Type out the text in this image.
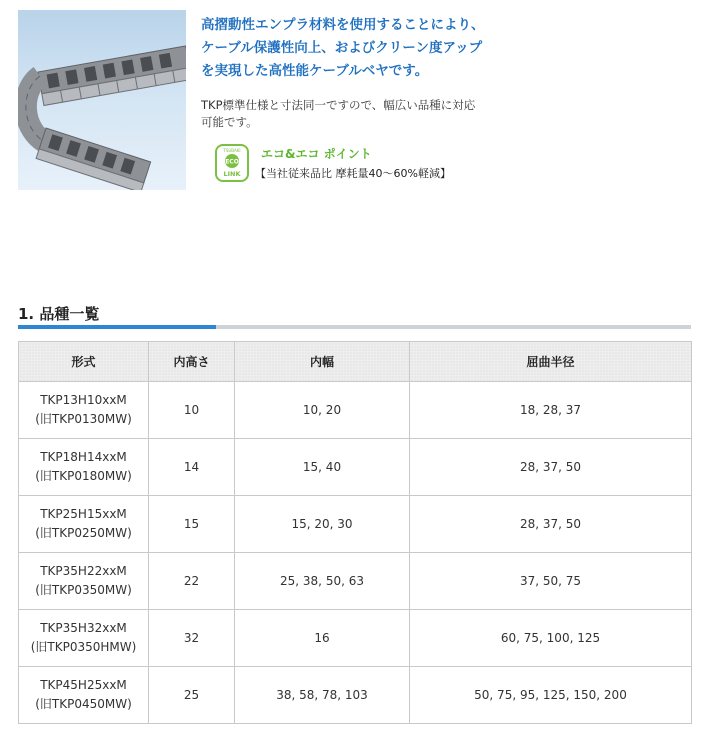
高摺動性エンプラ材料を使用することにより、
ケーブル保護性向上、およびクリーン度アップ
を実現した高性能ケーブルベヤです。

TKP標準仕様と寸法同一ですので、幅広い品種に対応
可能です。

TSUBAKI
ECO
LINK
エコ&エコ ポイント
【当社従来品比 摩耗量40〜60%軽減】
1. 品種一覧
形式	内高さ	内幅	屈曲半径
TKP13H10xxM
(旧TKP0130MW)	10	10, 20	18, 28, 37
TKP18H14xxM
(旧TKP0180MW)	14	15, 40	28, 37, 50
TKP25H15xxM
(旧TKP0250MW)	15	15, 20, 30	28, 37, 50
TKP35H22xxM
(旧TKP0350MW)	22	25, 38, 50, 63	37, 50, 75
TKP35H32xxM
(旧TKP0350HMW)	32	16	60, 75, 100, 125
TKP45H25xxM
(旧TKP0450MW)	25	38, 58, 78, 103	50, 75, 95, 125, 150, 200
